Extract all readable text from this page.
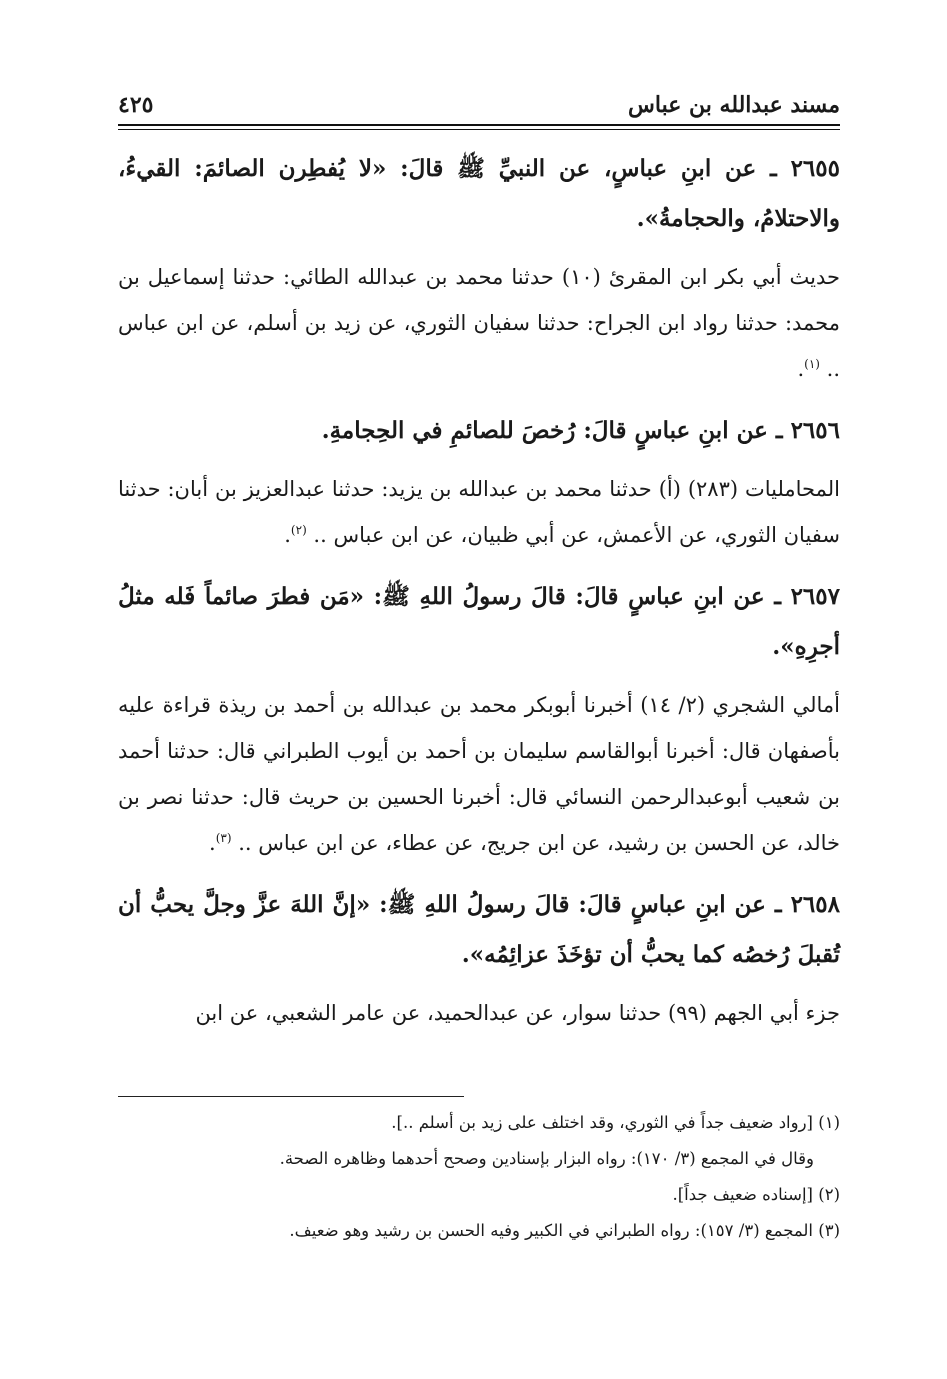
مسند عبدالله بن عباس
٤٢٥

٢٦٥٥ ـ عن ابنِ عباسٍ، عن النبيِّ ﷺ قالَ: «لا يُفطِرن الصائمَ: القيءُ، والاحتلامُ، والحجامةُ».

حديث أبي بكر ابن المقرئ (١٠) حدثنا محمد بن عبدالله الطائي: حدثنا إسماعيل بن محمد: حدثنا رواد ابن الجراح: حدثنا سفيان الثوري، عن زيد بن أسلم، عن ابن عباس .. $^{(١)}$.

٢٦٥٦ ـ عن ابنِ عباسٍ قالَ: رُخصَ للصائمِ في الحِجامةِ.

المحامليات (٢٨٣) (أ) حدثنا محمد بن عبدالله بن يزيد: حدثنا عبدالعزيز بن أبان: حدثنا سفيان الثوري، عن الأعمش، عن أبي ظبيان، عن ابن عباس .. $^{(٢)}$.

٢٦٥٧ ـ عن ابنِ عباسٍ قالَ: قالَ رسولُ اللهِ ﷺ: «مَن فطرَ صائماً فَله مثلُ أجرِهِ».

أمالي الشجري (٢/ ١٤) أخبرنا أبوبكر محمد بن عبدالله بن أحمد بن ريذة قراءة عليه بأصفهان قال: أخبرنا أبوالقاسم سليمان بن أحمد بن أيوب الطبراني قال: حدثنا أحمد بن شعيب أبوعبدالرحمن النسائي قال: أخبرنا الحسين بن حريث قال: حدثنا نصر بن خالد، عن الحسن بن رشيد، عن ابن جريج، عن عطاء، عن ابن عباس .. $^{(٣)}$.

٢٦٥٨ ـ عن ابنِ عباسٍ قالَ: قالَ رسولُ اللهِ ﷺ: «إنَّ اللهَ عزَّ وجلَّ يحبُّ أن تُقبلَ رُخصُه كما يحبُّ أن تؤخَذَ عزائِمُه».

جزء أبي الجهم (٩٩) حدثنا سوار، عن عبدالحميد، عن عامر الشعبي، عن ابن

(١) [رواد ضعيف جداً في الثوري، وقد اختلف على زيد بن أسلم ..].

وقال في المجمع (٣/ ١٧٠): رواه البزار بإسنادين وصحح أحدهما وظاهره الصحة.

(٢) [إسناده ضعيف جداً].

(٣) المجمع (٣/ ١٥٧): رواه الطبراني في الكبير وفيه الحسن بن رشيد وهو ضعيف.
